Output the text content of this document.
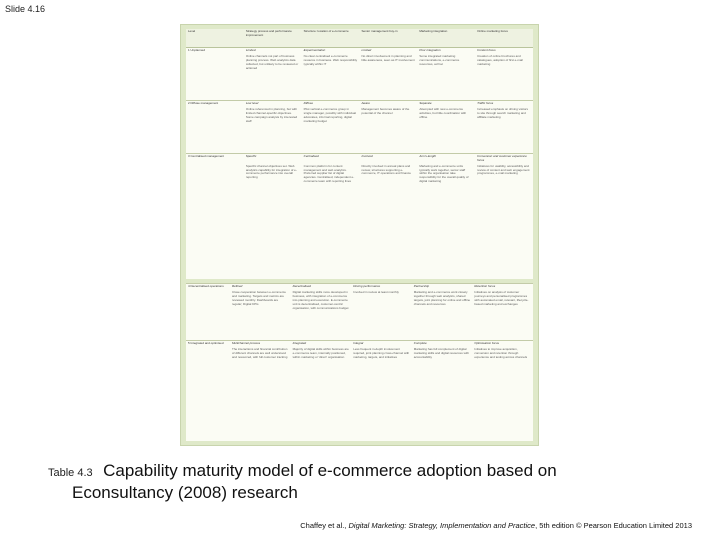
Slide 4.16
Level	Strategy process and performance improvement	Structure: location of e-commerce	Senior management buy-in	Marketing integration	Online marketing focus
1 Unplanned	Limited	Experimentation	Limited	Poor integration	Content focus
	Online channels not part of business planning process. Web analytics data collected, but unlikely to be reviewed or actioned	No clear centralised e-commerce resource in business. Web responsibility typically within IT	No direct involvement in planning and little awareness, seen as IT involvement	Some integrated marketing communications, e-commerce resources, ad hoc	Creation of online brochures and catalogues, adoption of first e-mail marketing
2 Diffuse management	Low level	Diffuse	Aware	Separate	Traffic focus
	Online referenced in planning, but with limited channel-specific objectives. Some campaign analysis by interested staff	Pilot vertical e-commerce group in single manager, possibly with individual advocates, informal reporting, digital marketing budget	Management becomes aware of the potential of the channel	Attempted with new e-commerce activities, but little coordination with offline	Increased emphasis on driving visitors to site through search marketing and affiliate marketing
3 Centralised management	Specific	Centralised	Involved	Arm's-length	Conversion and customer experience focus
	Specific channel objectives set. Web analytics capability for integration of e-commerce performance into overall reporting	Common platform for content management and web analytics. Preferred supplier list of digital agencies. Centralised, independent e-commerce team with reporting lines	Directly involved in annual plans and review, structures supporting e-commerce, IT operations and finance	Marketing and e-commerce units typically work together, senior staff within the organisation take responsibility for the overall quality of digital marketing	Initiatives for usability, accessibility and review of content and web engagement programmes, e-mail marketing
4 Decentralised operations	Refined	Decentralised	Driving performance	Partnership	Retention focus
	Close cooperation between e-commerce and marketing. Targets and metrics are reviewed monthly. Dashboards are regular; Digital KPIs	Digital marketing skills more developed in business, with integration of e-commerce into planning and execution. E-commerce unit is decentralised, customer-centric organisation, with communications budget	Involved in review at least monthly	Marketing and e-commerce work closely together through web analytics, shared targets, joint planning for online and offline channels and resources	Initiatives on analysis of customer journeys and personalised programmes with automated email, relevant, lifecycle-based marketing and exchanges
5 Integrated and optimised	Multichannel process	Integrated	Integral	Complete	Optimisation focus
	The interactions and financial contribution of different channels are well understood and resourced, with full customer tracking	Majority of digital skills within business are e-commerce team, internally positioned, within marketing or 'direct' organisation	Less frequent in-depth involvement required, joint planning cross-channel with marketing, targets, and initiatives	Marketing has full complement of digital marketing skills and digital resources with accountability	Initiatives to improve acquisition, conversion and retention through experience and testing across channels
Table 4.3 Capability maturity model of e-commerce adoption based on
Econsultancy (2008) research
Chaffey et al., Digital Marketing: Strategy, Implementation and Practice, 5th edition © Pearson Education Limited 2013
